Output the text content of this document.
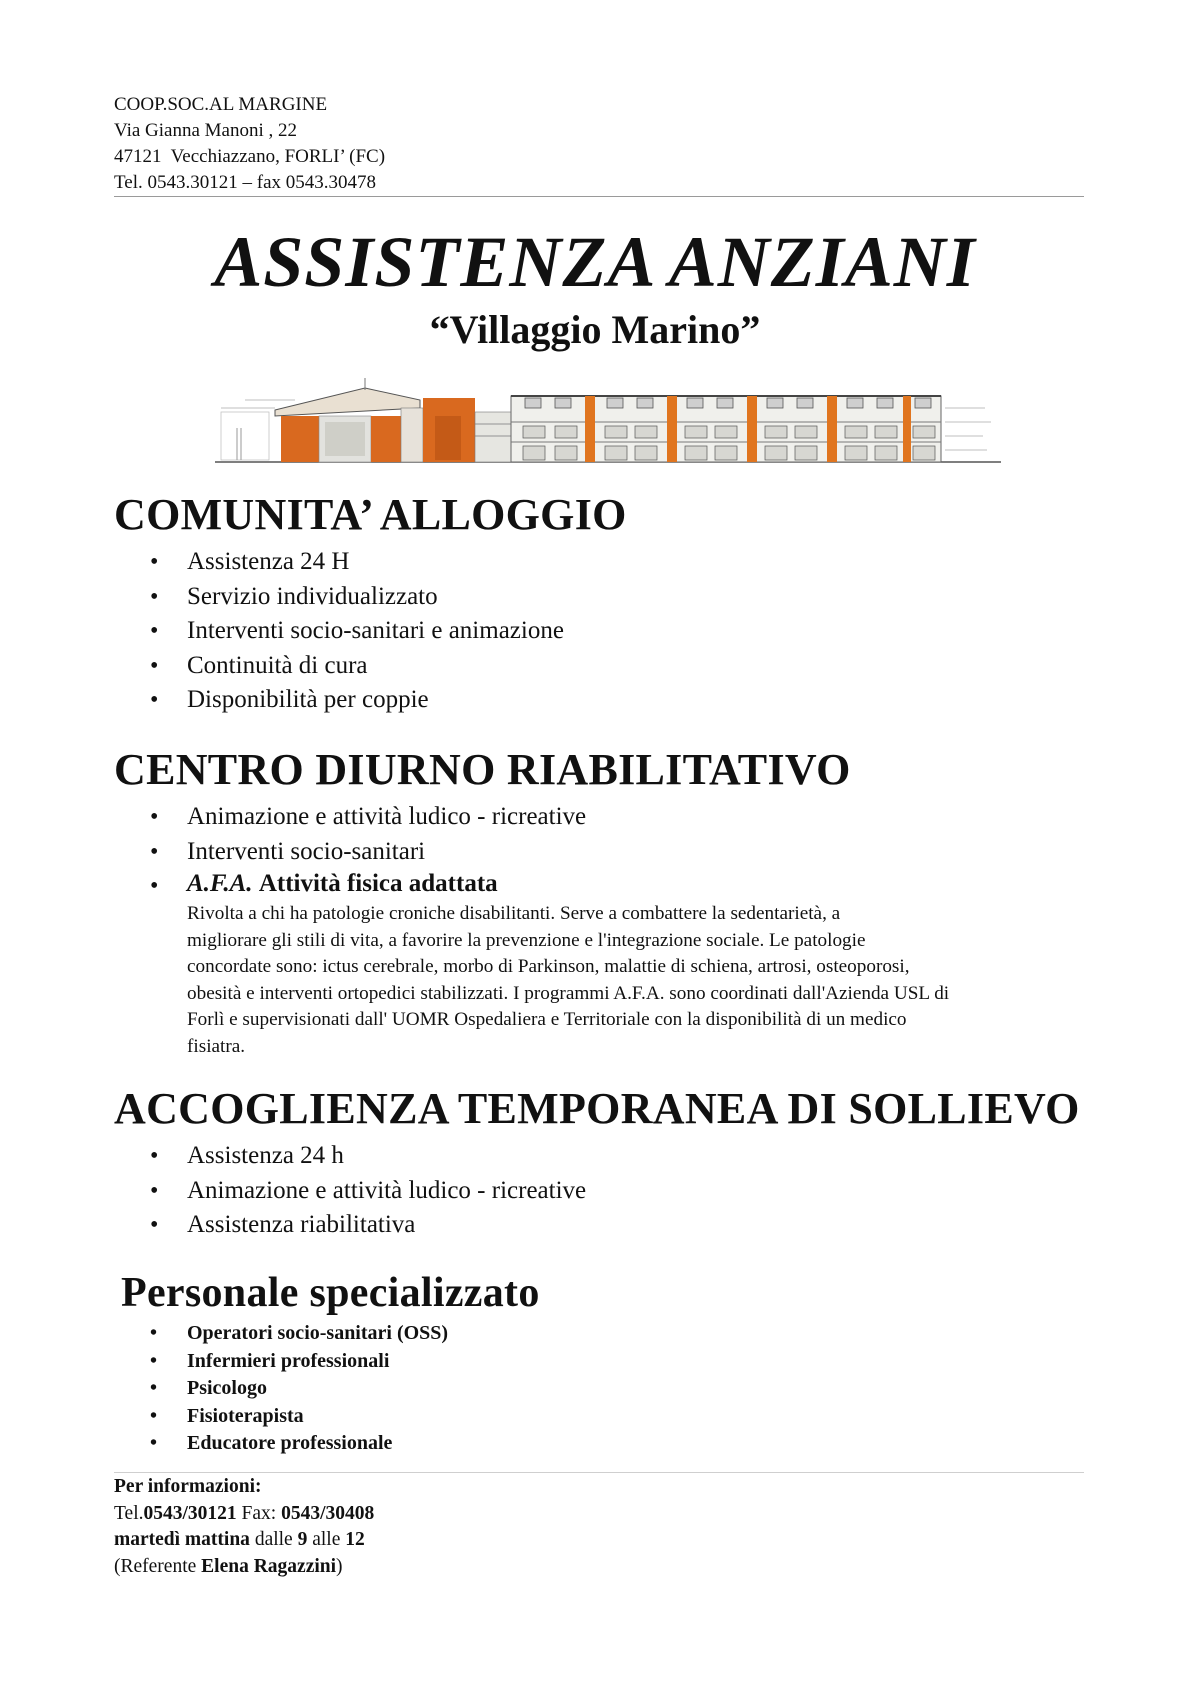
COOP.SOC.AL MARGINE
Via Gianna Manoni , 22
47121  Vecchiazzano, FORLI’ (FC)
Tel. 0543.30121 – fax 0543.30478
ASSISTENZA ANZIANI
“Villaggio Marino”
COMUNITA’ ALLOGGIO
• Assistenza 24 H
• Servizio individualizzato
• Interventi socio-sanitari e animazione
• Continuità di cura
• Disponibilità per coppie
CENTRO DIURNO RIABILITATIVO
• Animazione e attività ludico - ricreative
• Interventi socio-sanitari
• A.F.A. Attività fisica adattata
Rivolta a chi ha patologie croniche disabilitanti. Serve a combattere la sedentarietà, a
migliorare gli stili di vita, a favorire la prevenzione e l'integrazione sociale. Le patologie
concordate sono: ictus cerebrale, morbo di Parkinson, malattie di schiena, artrosi, osteoporosi,
obesità e interventi ortopedici stabilizzati. I programmi A.F.A. sono coordinati dall'Azienda USL di
Forlì e supervisionati dall' UOMR Ospedaliera e Territoriale con la disponibilità di un medico
fisiatra.
ACCOGLIENZA TEMPORANEA DI SOLLIEVO
• Assistenza 24 h
• Animazione e attività ludico - ricreative
• Assistenza riabilitativa
Personale specializzato
• Operatori socio-sanitari (OSS)
• Infermieri professionali
• Psicologo
• Fisioterapista
• Educatore professionale
Per informazioni:
Tel.0543/30121 Fax: 0543/30408
martedì mattina dalle 9 alle 12
(Referente Elena Ragazzini)
